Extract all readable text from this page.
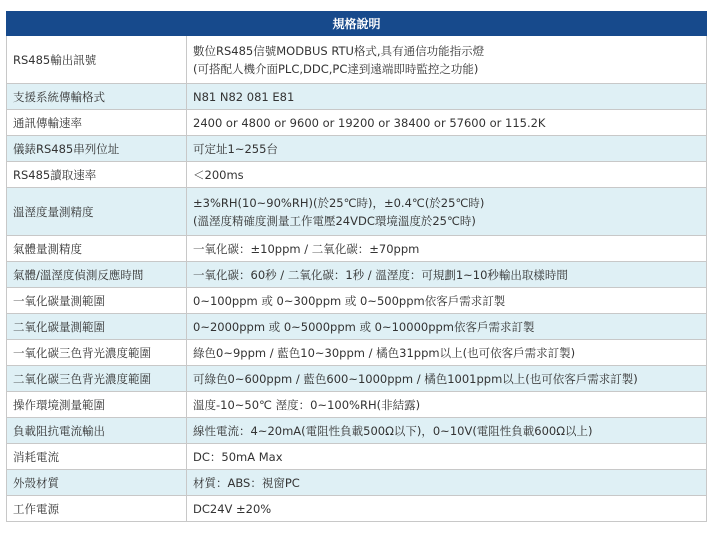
規格說明	
RS485輸出訊號	數位RS485信號MODBUS RTU格式,具有通信功能指示燈
(可搭配人機介面PLC,DDC,PC達到遠端即時監控之功能)

支援系統傳輸格式	N81 N82 081 E81

通訊傳輸速率	2400 or 4800 or 9600 or 19200 or 38400 or 57600 or 115.2K

儀錶RS485串列位址	可定址1~255台

RS485讀取速率	＜200ms

溫溼度量測精度	±3%RH(10~90%RH)(於25℃時)，±0.4℃(於25℃時)
(溫溼度精確度測量工作電壓24VDC環境溫度於25℃時)

氣體量測精度	一氧化碳：±10ppm / 二氧化碳：±70ppm

氣體/溫溼度偵測反應時間	一氧化碳：60秒 / 二氧化碳：1秒 / 溫溼度：可規劃1~10秒輸出取樣時間

一氧化碳量測範圍	0~100ppm 或 0~300ppm 或 0~500ppm依客戶需求訂製

二氧化碳量測範圍	0~2000ppm 或 0~5000ppm 或 0~10000ppm依客戶需求訂製

一氧化碳三色背光濃度範圍	綠色0~9ppm / 藍色10~30ppm / 橘色31ppm以上(也可依客戶需求訂製)

二氧化碳三色背光濃度範圍	可綠色0~600ppm / 藍色600~1000ppm / 橘色1001ppm以上(也可依客戶需求訂製)

操作環境測量範圍	溫度-10~50℃ 溼度：0~100%RH(非結露)

負載阻抗電流輸出	線性電流：4~20mA(電阻性負載500Ω以下)，0~10V(電阻性負載600Ω以上)

消耗電流	DC：50mA Max

外殼材質	材質：ABS：視窗PC

工作電源	DC24V ±20%
